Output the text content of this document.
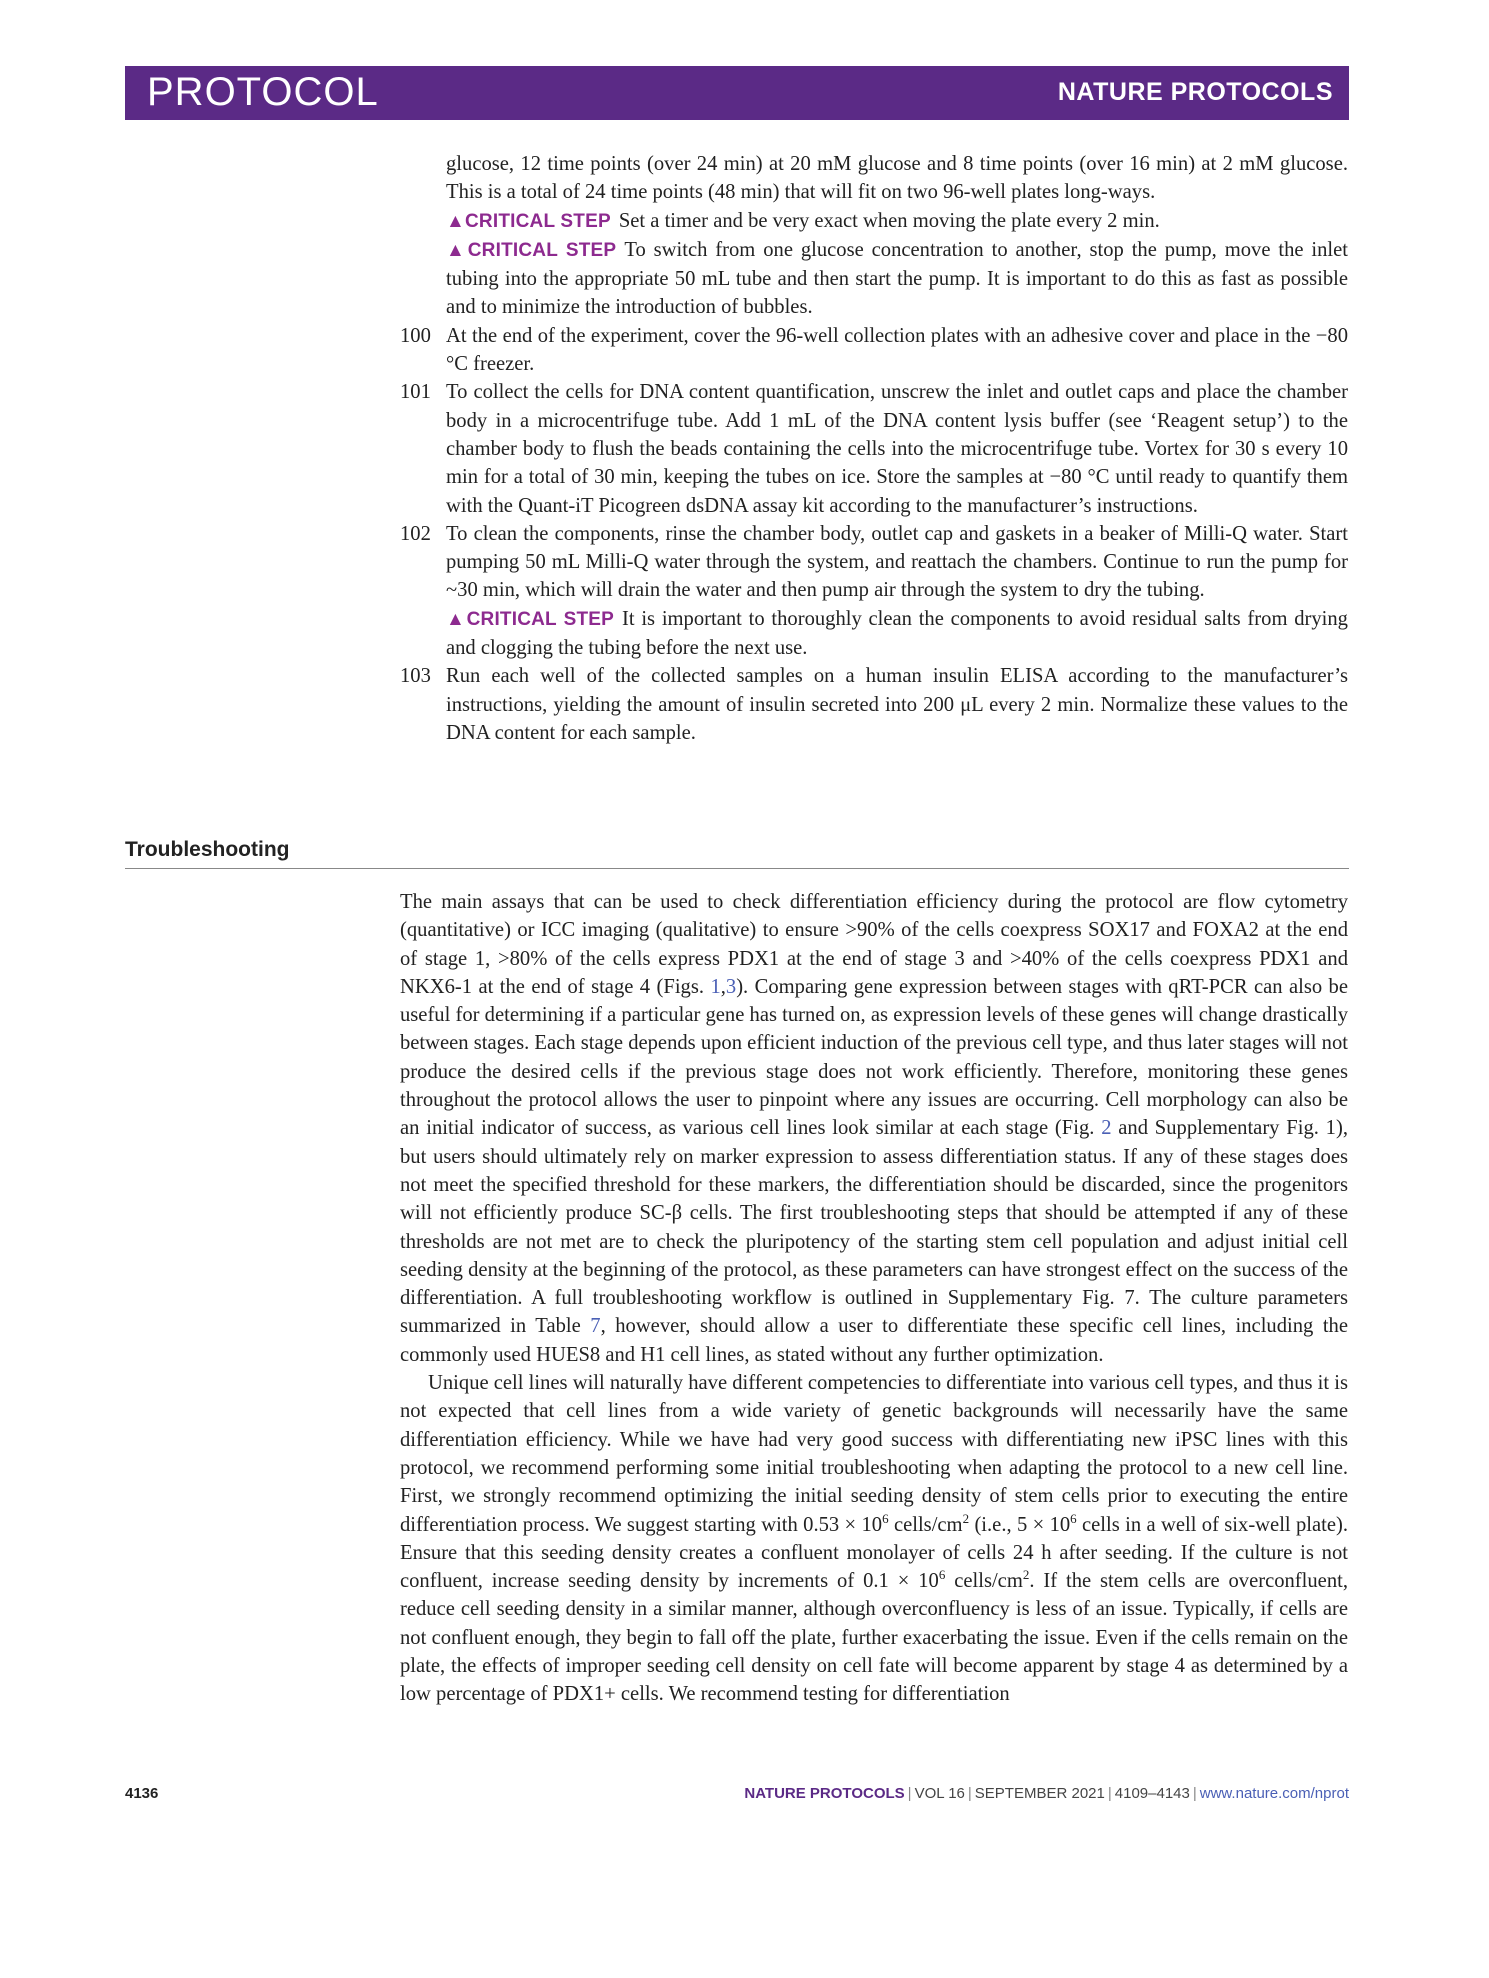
PROTOCOL	NATURE PROTOCOLS
glucose, 12 time points (over 24 min) at 20 mM glucose and 8 time points (over 16 min) at 2 mM glucose. This is a total of 24 time points (48 min) that will fit on two 96-well plates long-ways.
▲CRITICAL STEP Set a timer and be very exact when moving the plate every 2 min.
▲CRITICAL STEP To switch from one glucose concentration to another, stop the pump, move the inlet tubing into the appropriate 50 mL tube and then start the pump. It is important to do this as fast as possible and to minimize the introduction of bubbles.
100 At the end of the experiment, cover the 96-well collection plates with an adhesive cover and place in the −80 °C freezer.
101 To collect the cells for DNA content quantification, unscrew the inlet and outlet caps and place the chamber body in a microcentrifuge tube. Add 1 mL of the DNA content lysis buffer (see ‘Reagent setup’) to the chamber body to flush the beads containing the cells into the microcentrifuge tube. Vortex for 30 s every 10 min for a total of 30 min, keeping the tubes on ice. Store the samples at −80 °C until ready to quantify them with the Quant-iT Picogreen dsDNA assay kit according to the manufacturer’s instructions.
102 To clean the components, rinse the chamber body, outlet cap and gaskets in a beaker of Milli-Q water. Start pumping 50 mL Milli-Q water through the system, and reattach the chambers. Continue to run the pump for ~30 min, which will drain the water and then pump air through the system to dry the tubing.
▲CRITICAL STEP It is important to thoroughly clean the components to avoid residual salts from drying and clogging the tubing before the next use.
103 Run each well of the collected samples on a human insulin ELISA according to the manufacturer’s instructions, yielding the amount of insulin secreted into 200 μL every 2 min. Normalize these values to the DNA content for each sample.
Troubleshooting

The main assays that can be used to check differentiation efficiency during the protocol are flow cytometry (quantitative) or ICC imaging (qualitative) to ensure >90% of the cells coexpress SOX17 and FOXA2 at the end of stage 1, >80% of the cells express PDX1 at the end of stage 3 and >40% of the cells coexpress PDX1 and NKX6-1 at the end of stage 4 (Figs. 1,3). Comparing gene expression between stages with qRT-PCR can also be useful for determining if a particular gene has turned on, as expression levels of these genes will change drastically between stages. Each stage depends upon efficient induction of the previous cell type, and thus later stages will not produce the desired cells if the previous stage does not work efficiently. Therefore, monitoring these genes throughout the protocol allows the user to pinpoint where any issues are occurring. Cell morphology can also be an initial indicator of success, as various cell lines look similar at each stage (Fig. 2 and Supplementary Fig. 1), but users should ultimately rely on marker expression to assess differentiation status. If any of these stages does not meet the specified threshold for these markers, the differentiation should be discarded, since the progenitors will not efficiently produce SC-β cells. The first troubleshooting steps that should be attempted if any of these thresholds are not met are to check the pluripotency of the starting stem cell population and adjust initial cell seeding density at the beginning of the protocol, as these parameters can have strongest effect on the success of the differentiation. A full troubleshooting workflow is outlined in Supplementary Fig. 7. The culture parameters summarized in Table 7, however, should allow a user to differentiate these specific cell lines, including the commonly used HUES8 and H1 cell lines, as stated without any further optimization.

Unique cell lines will naturally have different competencies to differentiate into various cell types, and thus it is not expected that cell lines from a wide variety of genetic backgrounds will necessarily have the same differentiation efficiency. While we have had very good success with differentiating new iPSC lines with this protocol, we recommend performing some initial troubleshooting when adapting the protocol to a new cell line. First, we strongly recommend optimizing the initial seeding density of stem cells prior to executing the entire differentiation process. We suggest starting with $0.53 \times 10^6$ cells/$cm^2$ (i.e., $5 \times 10^6$ cells in a well of six-well plate). Ensure that this seeding density creates a confluent monolayer of cells 24 h after seeding. If the culture is not confluent, increase seeding density by increments of $0.1 \times 10^6$ cells/$cm^2$. If the stem cells are overconfluent, reduce cell seeding density in a similar manner, although overconfluency is less of an issue. Typically, if cells are not confluent enough, they begin to fall off the plate, further exacerbating the issue. Even if the cells remain on the plate, the effects of improper seeding cell density on cell fate will become apparent by stage 4 as determined by a low percentage of PDX1+ cells. We recommend testing for differentiation

4136	NATURE PROTOCOLS | VOL 16 | SEPTEMBER 2021 | 4109–4143 | www.nature.com/nprot
